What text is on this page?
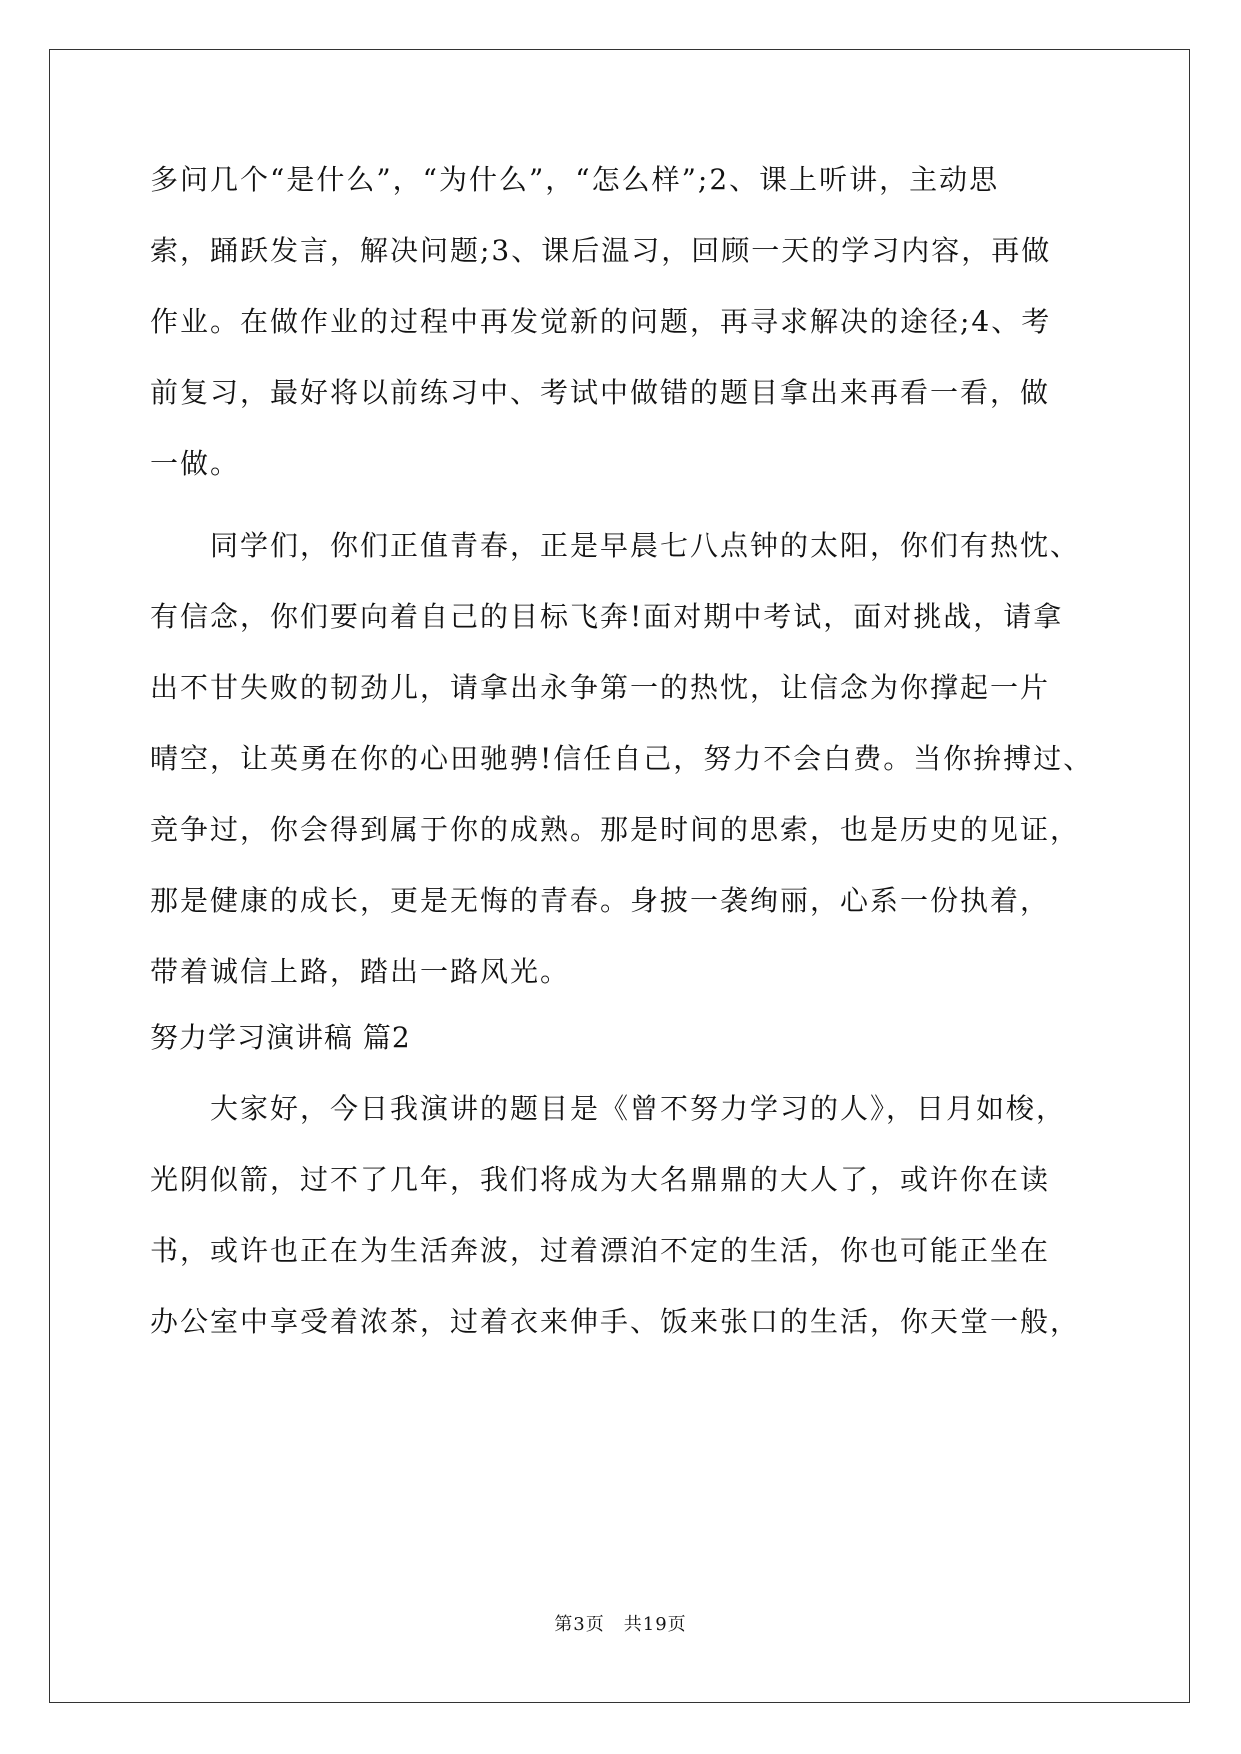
多问几个“是什么”，“为什么”，“怎么样”;2、课上听讲，主动思
索，踊跃发言，解决问题;3、课后温习，回顾一天的学习内容，再做
作业。在做作业的过程中再发觉新的问题，再寻求解决的途径;4、考
前复习，最好将以前练习中、考试中做错的题目拿出来再看一看，做
一做。
　　同学们，你们正值青春，正是早晨七八点钟的太阳，你们有热忱、
有信念，你们要向着自己的目标飞奔!面对期中考试，面对挑战，请拿
出不甘失败的韧劲儿，请拿出永争第一的热忱，让信念为你撑起一片
晴空，让英勇在你的心田驰骋!信任自己，努力不会白费。当你拚搏过、
竞争过，你会得到属于你的成熟。那是时间的思索，也是历史的见证，
那是健康的成长，更是无悔的青春。身披一袭绚丽，心系一份执着，
带着诚信上路，踏出一路风光。
努力学习演讲稿 篇2
　　大家好，今日我演讲的题目是《曾不努力学习的人》，日月如梭，
光阴似箭，过不了几年，我们将成为大名鼎鼎的大人了，或许你在读
书，或许也正在为生活奔波，过着漂泊不定的生活，你也可能正坐在
办公室中享受着浓茶，过着衣来伸手、饭来张口的生活，你天堂一般，
第3页　共19页
